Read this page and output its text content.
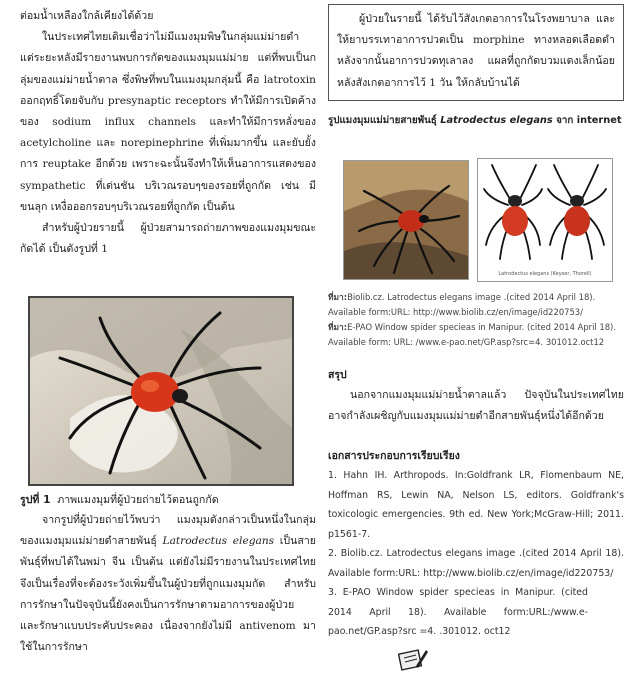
ต่อมน้ำเหลืองใกล้เคียงได้ด้วย

ในประเทศไทยเดิมเชื่อว่าไม่มีแมงมุมพิษในกลุ่มแม่ม่ายดำ แต่ระยะหลังมีรายงานพบการกัดของแมงมุมแม่ม่าย แต่ที่พบเป็นกลุ่มของแม่ม่ายน้ำตาล ซึ่งพิษที่พบในแมงมุมกลุ่มนี้ คือ latrotoxin ออกฤทธิ์โดยจับกับ presynaptic receptors ทำให้มีการเปิดค้างของ sodium influx channels และทำให้มีการหลั่งของ acetylcholine และ norepinephrine ที่เพิ่มมากขึ้น และยับยั้งการ reuptake อีกด้วย เพราะฉะนั้นจึงทำให้เห็นอาการแสดงของ sympathetic ที่เด่นชัน บริเวณรอบๆของรอยที่ถูกกัด เช่น มีขนลุก เหงื่อออกรอบๆบริเวณรอยที่ถูกกัด เป็นต้น

สำหรับผู้ป่วยรายนี้ ผู้ป่วยสามารถถ่ายภาพของแมงมุมขณะกัดได้ เป็นดังรูปที่ 1

รูปที่ 1 ภาพแมงมุมที่ผู้ป่วยถ่ายไว้ตอนถูกกัด

จากรูปที่ผู้ป่วยถ่ายไว้พบว่า แมงมุมดังกล่าวเป็นหนึ่งในกลุ่มของแมงมุมแม่ม่ายดำสายพันธุ์ Latrodectus elegans เป็นสายพันธุ์ที่พบได้ในพม่า จีน เป็นต้น แต่ยังไม่มีรายงานในประเทศไทย จึงเป็นเรื่องที่จะต้องระวังเพิ่มขึ้นในผู้ป่วยที่ถูกแมงมุมกัด สำหรับการรักษาในปัจจุบันนี้ยังคงเป็นการรักษาตามอาการของผู้ป่วย และรักษาแบบประคับประคอง เนื่องจากยังไม่มี antivenom มาใช้ในการรักษา

ผู้ป่วยในรายนี้ ได้รับไว้สังเกตอาการในโรงพยาบาล และให้ยาบรรเทาอาการปวดเป็น morphine ทางหลอดเลือดดำ หลังจากนั้นอาการปวดทุเลาลง แผลที่ถูกกัดบวมแดงเล็กน้อย หลังสังเกตอาการไว้ 1 วัน ให้กลับบ้านได้

รูปแมงมุมแม่ม่ายสายพันธุ์ Latrodectus elegans จาก internet

Latrodectus elegans (Keyser, Thorell)

ที่มา:Biolib.cz. Latrodectus elegans image .(cited 2014 April 18). Available form:URL: http://www.biolib.cz/en/image/id220753/

ที่มา:E-PAO Window spider specieas in Manipur. (cited 2014 April 18). Available form: URL: /www.e-pao.net/GP.asp?src=4. 301012.oct12

สรุป

นอกจากแมงมุมแม่ม่ายน้ำตาลแล้ว ปัจจุบันในประเทศไทยอาจกำลังเผชิญกับแมงมุมแม่ม่ายดำอีกสายพันธุ์หนึ่งได้อีกด้วย

เอกสารประกอบการเรียบเรียง

1. Hahn IH. Arthropods. In:Goldfrank LR, Flomenbaum NE, Hoffman RS, Lewin NA, Nelson LS, editors. Goldfrank's toxicologic emergencies. 9th ed. New York;McGraw-Hill; 2011. p1561-7.

2. Biolib.cz. Latrodectus elegans image .(cited 2014 April 18). Available form:URL: http://www.biolib.cz/en/image/id220753/

3. E-PAO Window spider specieas in Manipur. (cited 2014 April 18). Available form:URL:/www.e-pao.net/GP.asp?src =4. .301012. oct12
